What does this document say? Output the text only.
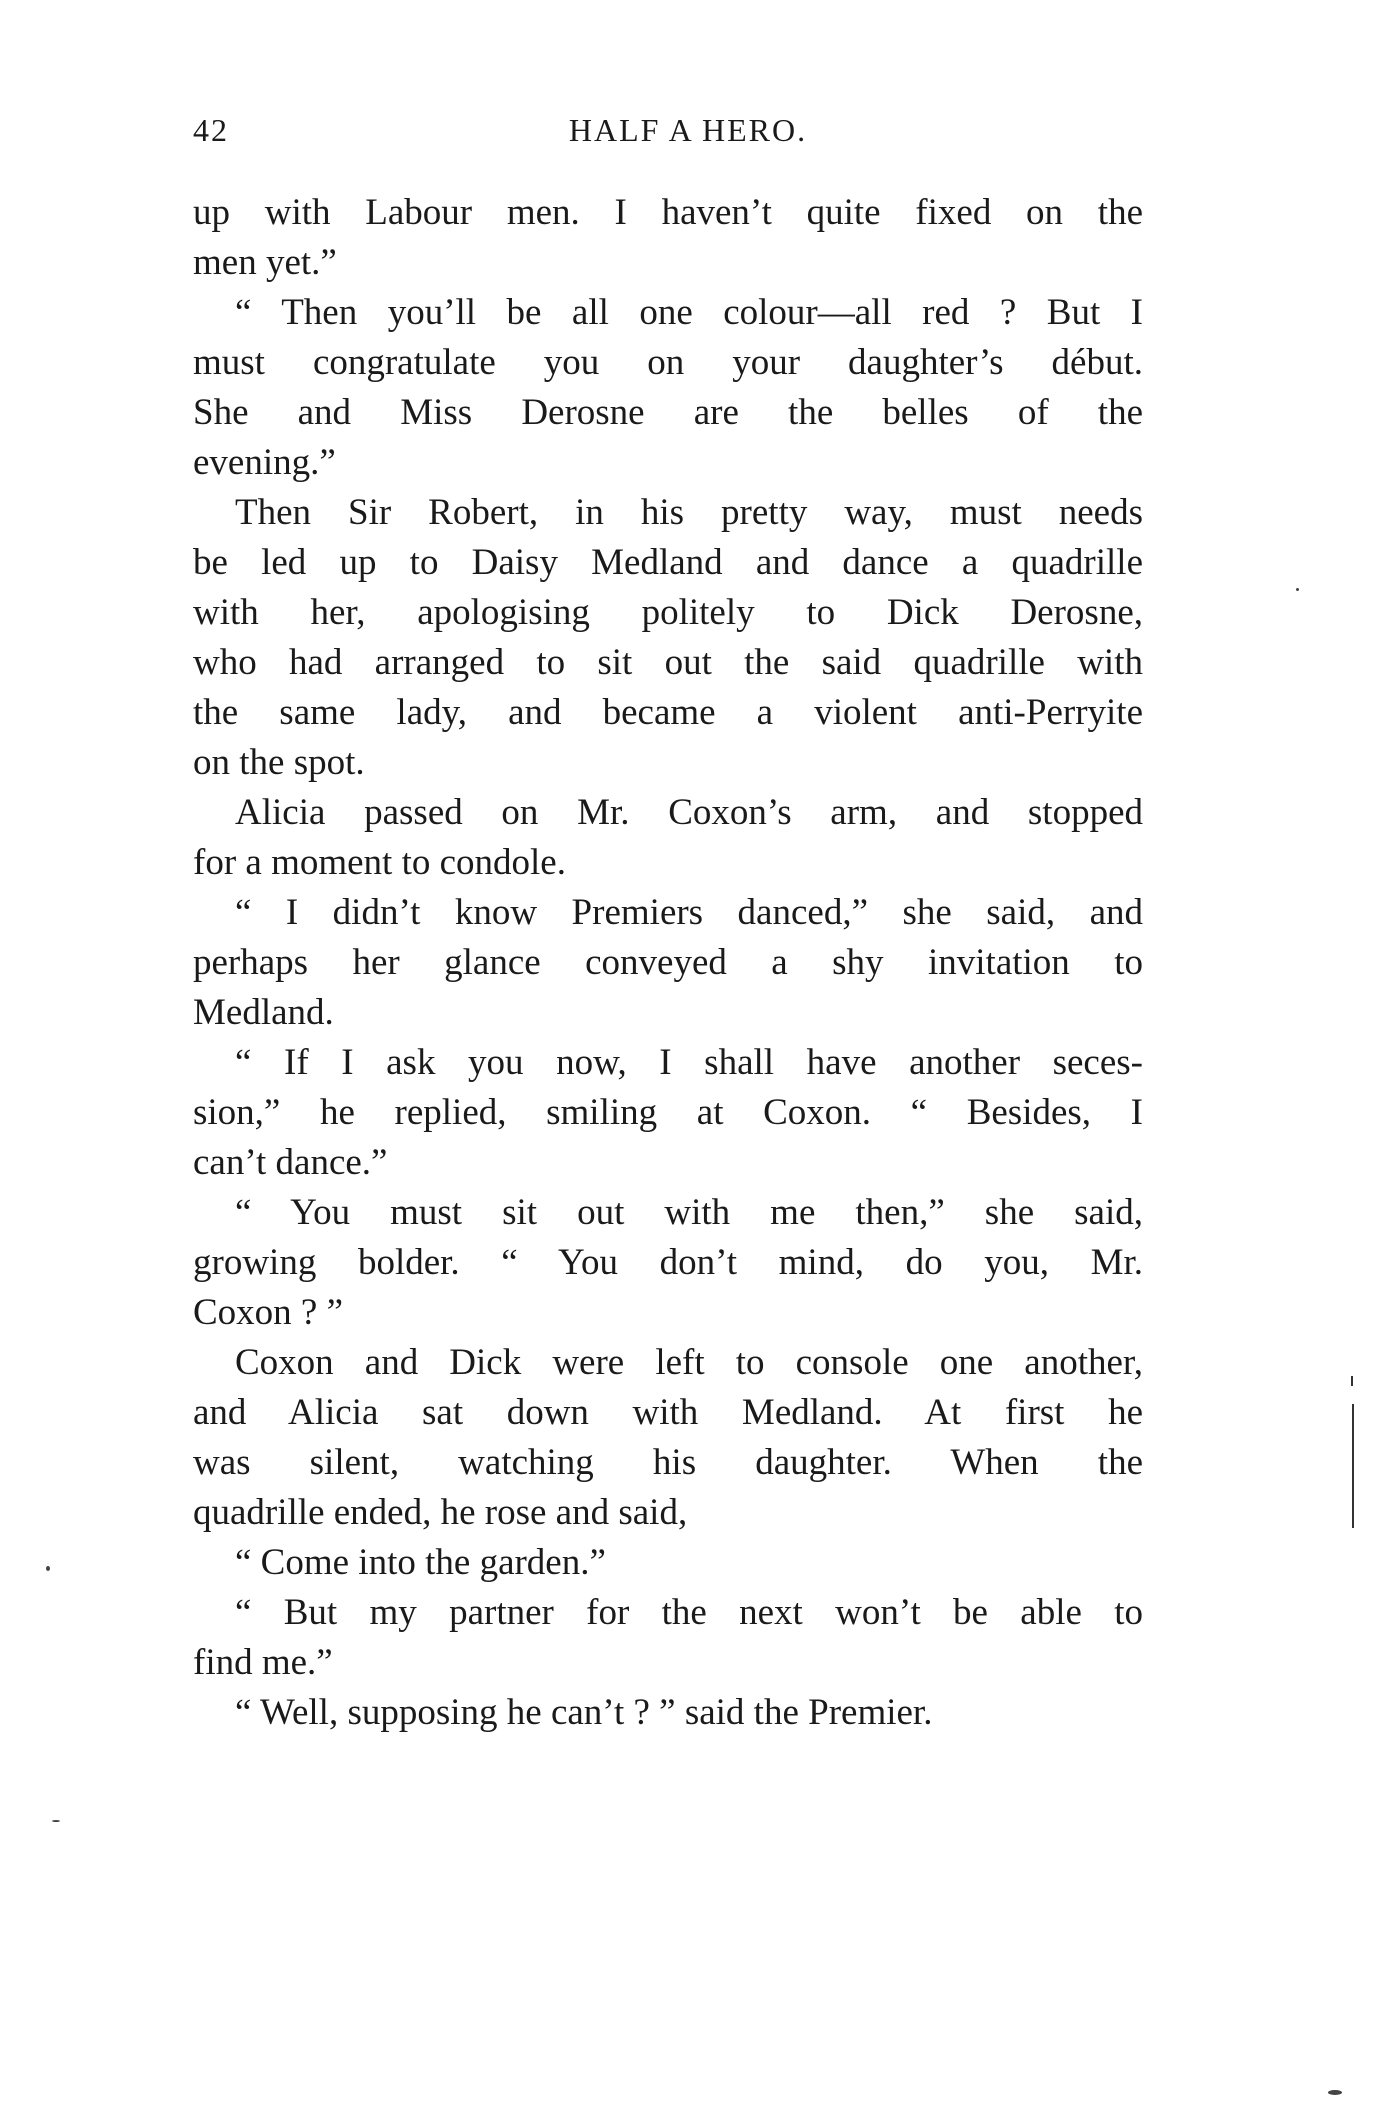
42	HALF A HERO.
up with Labour men. I haven’t quite fixed on the
men yet.”
“ Then you’ll be all one colour—all red ? But I
must congratulate you on your daughter’s début.
She and Miss Derosne are the belles of the
evening.”
Then Sir Robert, in his pretty way, must needs
be led up to Daisy Medland and dance a quadrille
with her, apologising politely to Dick Derosne,
who had arranged to sit out the said quadrille with
the same lady, and became a violent anti-Perryite
on the spot.
Alicia passed on Mr. Coxon’s arm, and stopped
for a moment to condole.
“ I didn’t know Premiers danced,” she said, and
perhaps her glance conveyed a shy invitation to
Medland.
“ If I ask you now, I shall have another seces-
sion,” he replied, smiling at Coxon. “ Besides, I
can’t dance.”
“ You must sit out with me then,” she said,
growing bolder. “ You don’t mind, do you, Mr.
Coxon ? ”
Coxon and Dick were left to console one another,
and Alicia sat down with Medland. At first he
was silent, watching his daughter. When the
quadrille ended, he rose and said,
“ Come into the garden.”
“ But my partner for the next won’t be able to
find me.”
“ Well, supposing he can’t ? ” said the Premier.
